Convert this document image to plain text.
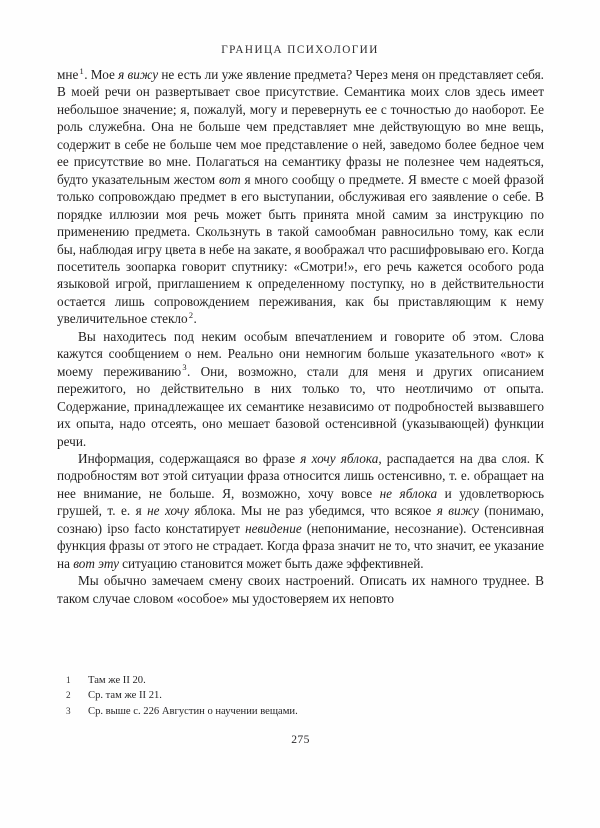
ГРАНИЦА ПСИХОЛОГИИ

мне$^1$. Мое я вижу не есть ли уже явление предмета? Через меня он представляет себя. В моей речи он развертывает свое присутствие. Семантика моих слов здесь имеет небольшое значение; я, пожалуй, могу и перевернуть ее с точностью до наоборот. Ее роль служебна. Она не больше чем представляет мне действующую во мне вещь, содержит в себе не больше чем мое представление о ней, заведомо более бедное чем ее присутствие во мне. Полагаться на семантику фразы не полезнее чем надеяться, будто указательным жестом вот я много сообщу о предмете. Я вместе с моей фразой только сопровождаю предмет в его выступании, обслуживая его заявление о себе. В порядке иллюзии моя речь может быть принята мной самим за инструкцию по применению предмета. Скользнуть в такой самообман равносильно тому, как если бы, наблюдая игру цвета в небе на закате, я воображал что расшифровываю его. Когда посетитель зоопарка говорит спутнику: «Смотри!», его речь кажется особого рода языковой игрой, приглашением к определенному поступку, но в действительности остается лишь сопровождением переживания, как бы приставляющим к нему увеличительное стекло$^2$.

Вы находитесь под неким особым впечатлением и говорите об этом. Слова кажутся сообщением о нем. Реально они немногим больше указательного «вот» к моему переживанию$^3$. Они, возможно, стали для меня и других описанием пережитого, но действительно в них только то, что неотличимо от опыта. Содержание, принадлежащее их семантике независимо от подробностей вызвавшего их опыта, надо отсеять, оно мешает базовой остенсивной (указывающей) функции речи.

Информация, содержащаяся во фразе я хочу яблока, распадается на два слоя. К подробностям вот этой ситуации фраза относится лишь остенсивно, т. е. обращает на нее внимание, не больше. Я, возможно, хочу вовсе не яблока и удовлетворюсь грушей, т. е. я не хочу яблока. Мы не раз убедимся, что всякое я вижу (понимаю, сознаю) ipso facto констатирует невидение (непонимание, несознание). Остенсивная функция фразы от этого не страдает. Когда фраза значит не то, что значит, ее указание на вот эту ситуацию становится может быть даже эффективней.

Мы обычно замечаем смену своих настроений. Описать их намного труднее. В таком случае словом «особое» мы удостоверяем их неповто

1	Там же II 20.
2	Ср. там же II 21.
3	Ср. выше с. 226 Августин о научении вещами.
275
